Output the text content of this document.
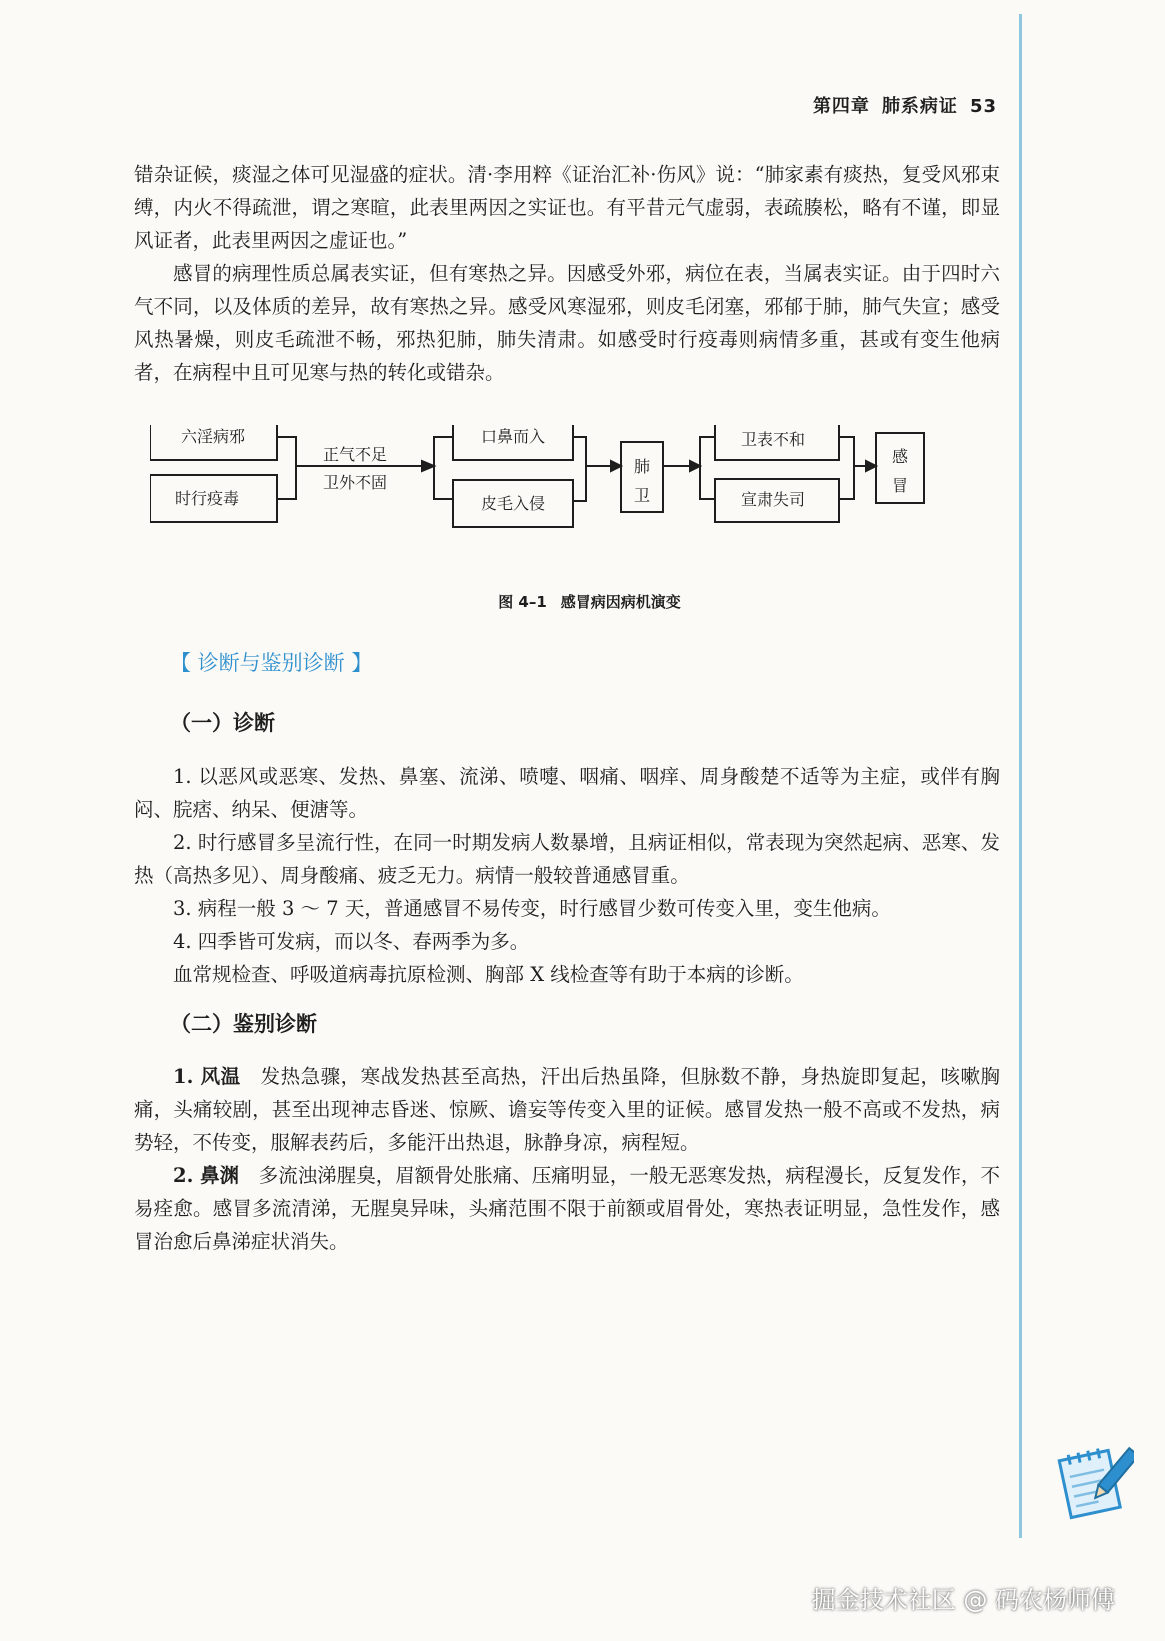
第四章 肺系病证 53

错杂证候，痰湿之体可见湿盛的症状。清·李用粹《证治汇补·伤风》说：“肺家素有痰热，复受风邪束缚，内火不得疏泄，谓之寒暄，此表里两因之实证也。有平昔元气虚弱，表疏腠松，略有不谨，即显风证者，此表里两因之虚证也。”

感冒的病理性质总属表实证，但有寒热之异。因感受外邪，病位在表，当属表实证。由于四时六气不同，以及体质的差异，故有寒热之异。感受风寒湿邪，则皮毛闭塞，邪郁于肺，肺气失宣；感受风热暑燥，则皮毛疏泄不畅，邪热犯肺，肺失清肃。如感受时行疫毒则病情多重，甚或有变生他病者，在病程中且可见寒与热的转化或错杂。

六淫病邪
时行疫毒
正气不足
卫外不固
口鼻而入
皮毛入侵
肺
卫
卫表不和
宣肃失司
感
冒
图 4–1 感冒病因病机演变
【 诊断与鉴别诊断 】
（一）诊断

1. 以恶风或恶寒、发热、鼻塞、流涕、喷嚏、咽痛、咽痒、周身酸楚不适等为主症，或伴有胸闷、脘痞、纳呆、便溏等。

2. 时行感冒多呈流行性，在同一时期发病人数暴增，且病证相似，常表现为突然起病、恶寒、发热（高热多见）、周身酸痛、疲乏无力。病情一般较普通感冒重。

3. 病程一般 3 ～ 7 天，普通感冒不易传变，时行感冒少数可传变入里，变生他病。

4. 四季皆可发病，而以冬、春两季为多。

血常规检查、呼吸道病毒抗原检测、胸部 X 线检查等有助于本病的诊断。

（二）鉴别诊断

1. 风温　 发热急骤，寒战发热甚至高热，汗出后热虽降，但脉数不静，身热旋即复起，咳嗽胸痛，头痛较剧，甚至出现神志昏迷、惊厥、谵妄等传变入里的证候。感冒发热一般不高或不发热，病势轻，不传变，服解表药后，多能汗出热退，脉静身凉，病程短。

2. 鼻渊　 多流浊涕腥臭，眉额骨处胀痛、压痛明显，一般无恶寒发热，病程漫长，反复发作，不易痊愈。感冒多流清涕，无腥臭异味，头痛范围不限于前额或眉骨处，寒热表证明显，急性发作，感冒治愈后鼻涕症状消失。

掘金技术社区 @ 码农杨师傅
